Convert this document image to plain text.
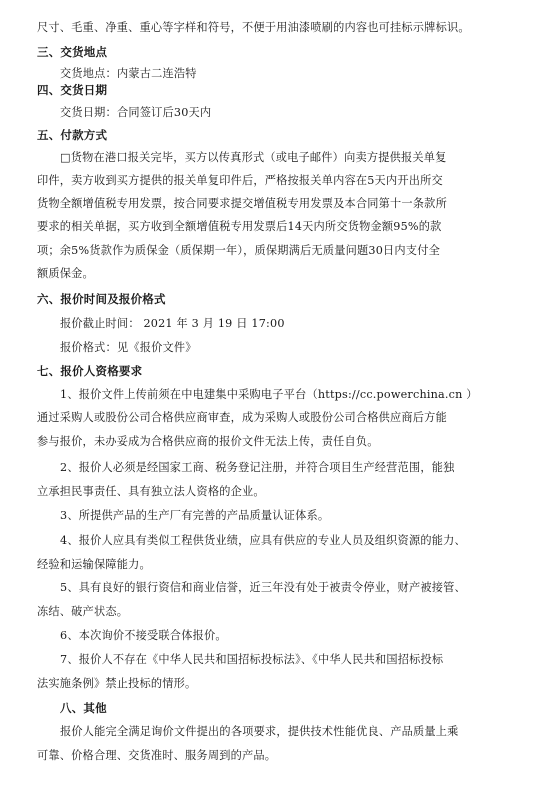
尺寸、毛重、净重、重心等字样和符号，不便于用油漆喷刷的内容也可挂标示牌标识。
三、交货地点
交货地点：内蒙古二连浩特
四、交货日期
交货日期：合同签订后30天内
五、付款方式
□货物在港口报关完毕，买方以传真形式（或电子邮件）向卖方提供报关单复
印件，卖方收到买方提供的报关单复印件后，严格按报关单内容在5天内开出所交
货物全额增值税专用发票，按合同要求提交增值税专用发票及本合同第十一条款所
要求的相关单据，买方收到全额增值税专用发票后14天内所交货物金额95%的款
项；余5%货款作为质保金（质保期一年），质保期满后无质量问题30日内支付全
额质保金。
六、报价时间及报价格式
报价截止时间： 2021 年 3 月 19 日 17:00
报价格式：见《报价文件》
七、报价人资格要求
1、报价文件上传前须在中电建集中采购电子平台（https://cc.powerchina.cn ）
通过采购人或股份公司合格供应商审查，成为采购人或股份公司合格供应商后方能
参与报价，未办妥成为合格供应商的报价文件无法上传，责任自负。
2、报价人必须是经国家工商、税务登记注册，并符合项目生产经营范围，能独
立承担民事责任、具有独立法人资格的企业。
3、所提供产品的生产厂有完善的产品质量认证体系。
4、报价人应具有类似工程供货业绩，应具有供应的专业人员及组织资源的能力、
经验和运输保障能力。
5、具有良好的银行资信和商业信誉，近三年没有处于被责令停业，财产被接管、
冻结、破产状态。
6、本次询价不接受联合体报价。
7、报价人不存在《中华人民共和国招标投标法》、《中华人民共和国招标投标
法实施条例》禁止投标的情形。
八、其他
报价人能完全满足询价文件提出的各项要求，提供技术性能优良、产品质量上乘
可靠、价格合理、交货准时、服务周到的产品。
